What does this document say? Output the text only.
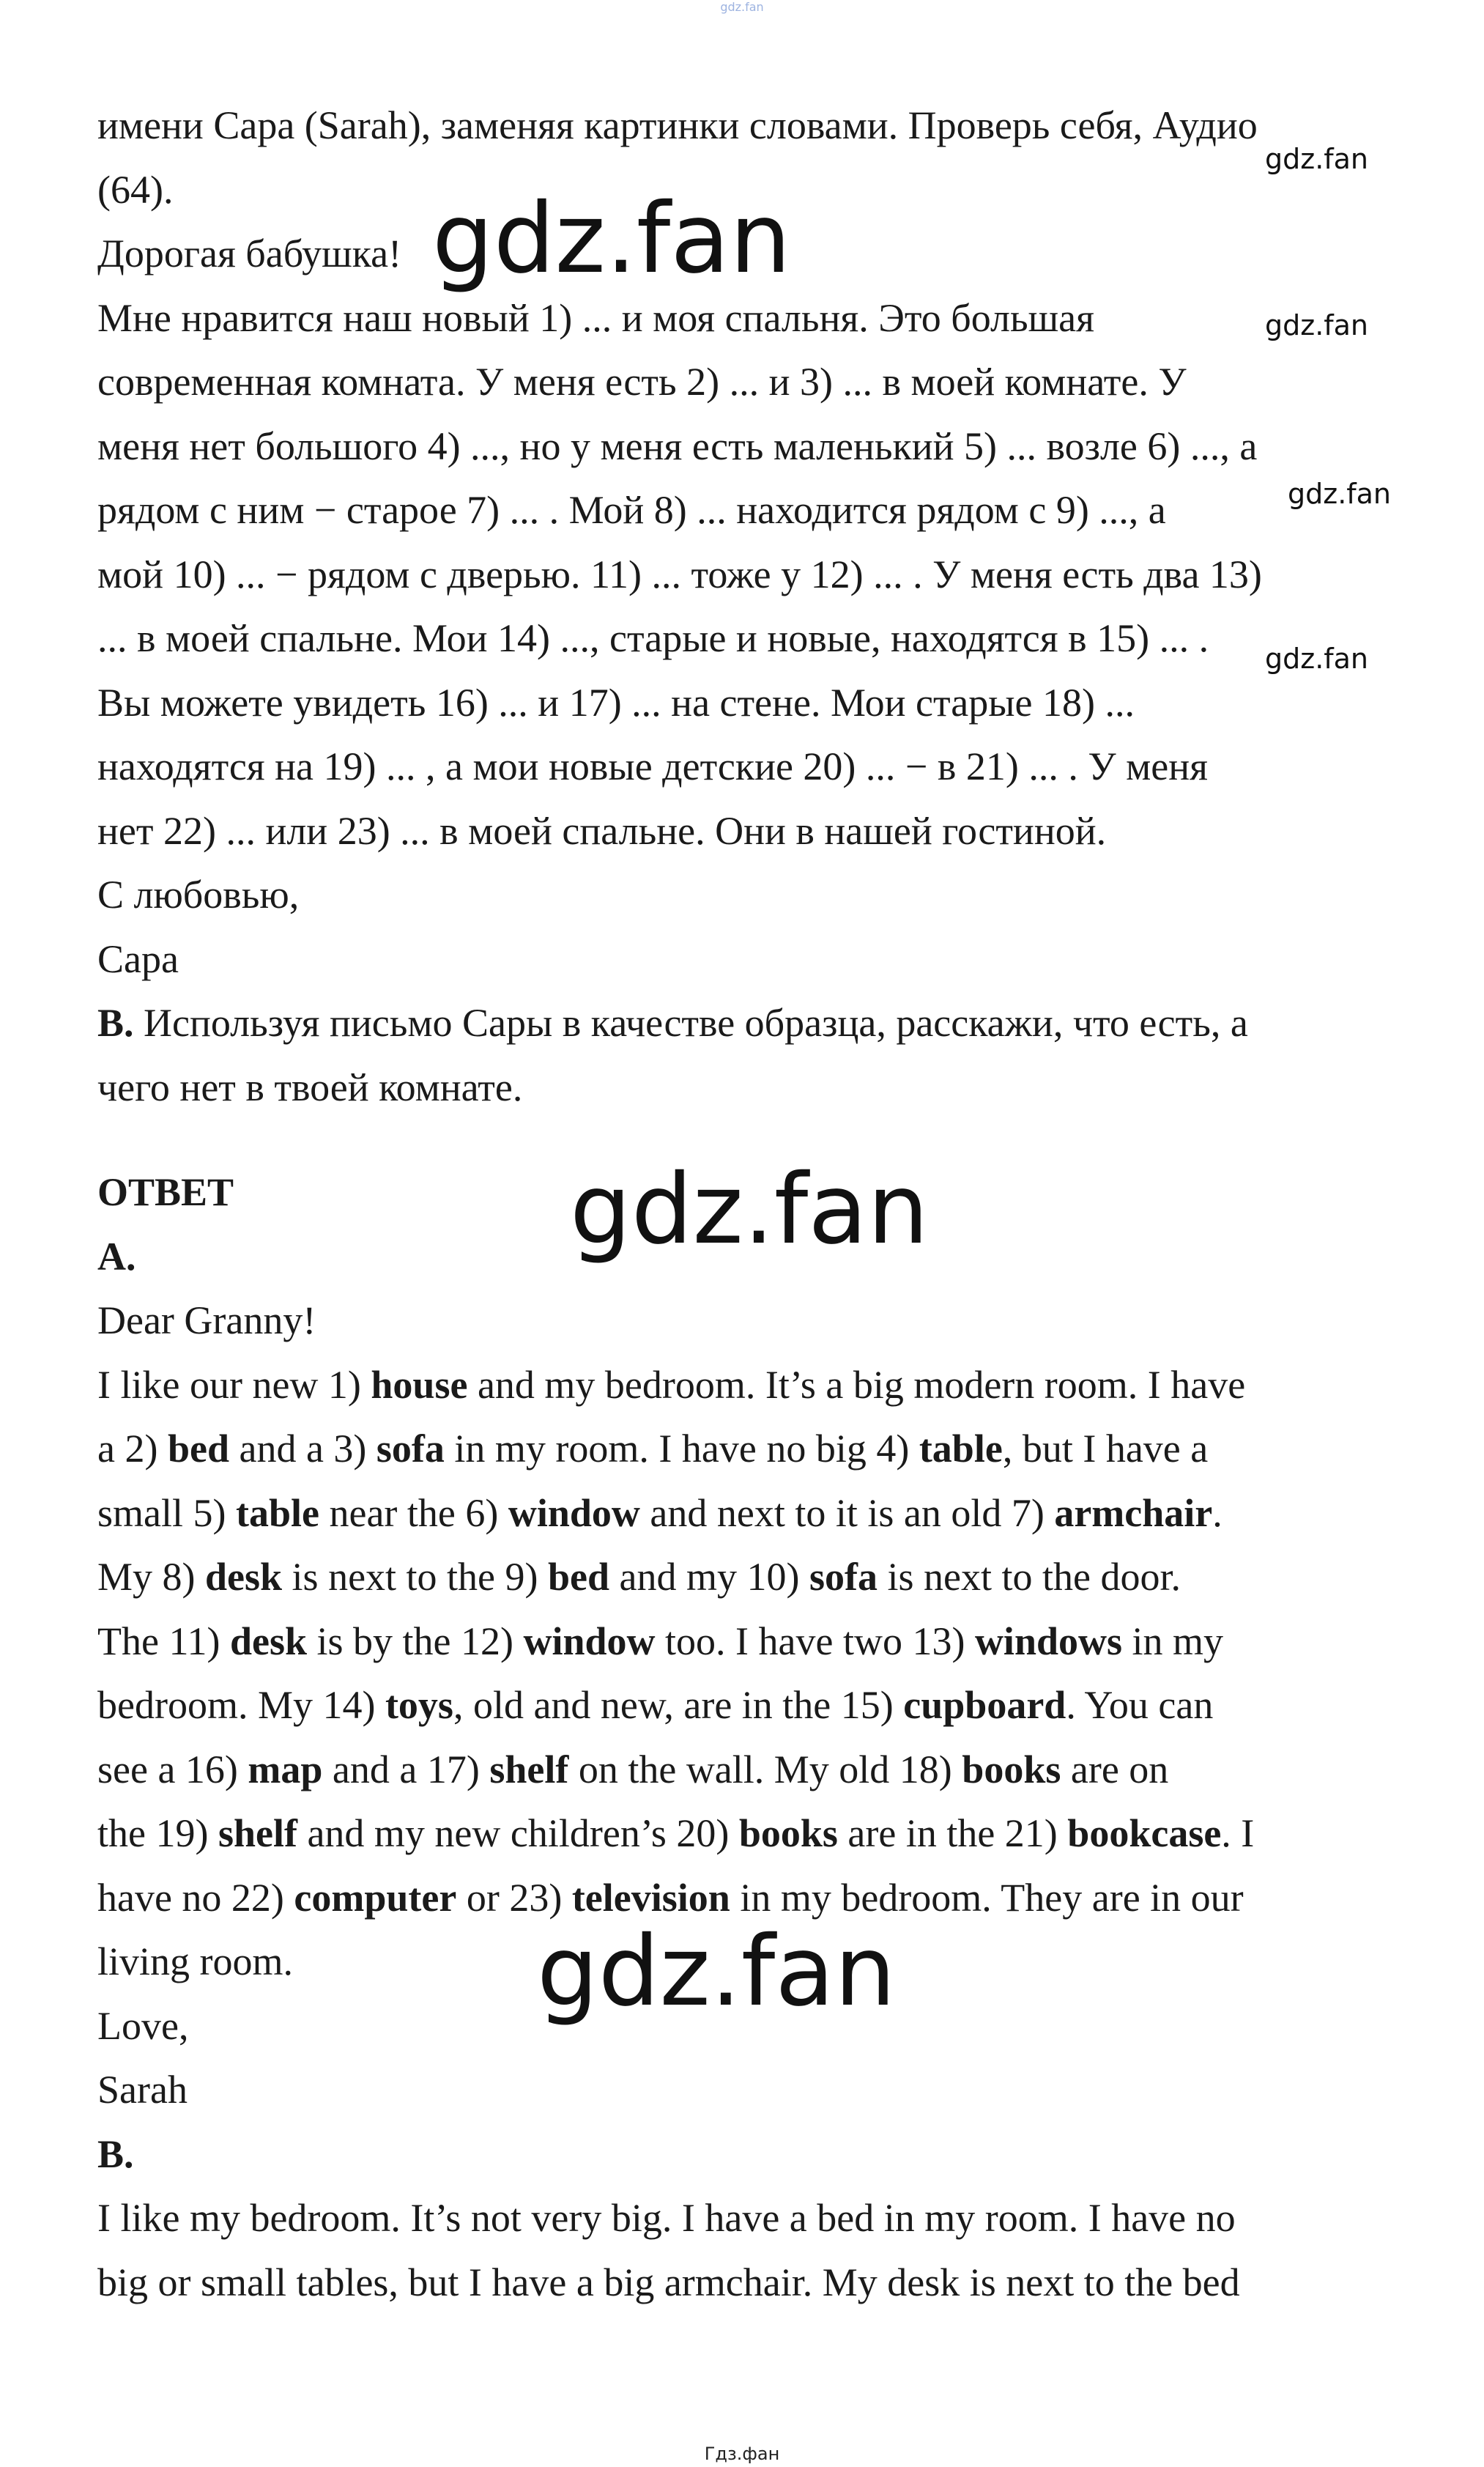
gdz.fan
имени Сара (Sarah), заменяя картинки словами. Проверь себя, Аудио
(64).
Дорогая бабушка!
Мне нравится наш новый 1) ... и моя спальня. Это большая
современная комната. У меня есть 2) ... и 3) ... в моей комнате. У
меня нет большого 4) ..., но у меня есть маленький 5) ... возле 6) ..., а
рядом с ним − старое 7) ... . Мой 8) ... находится рядом с 9) ..., а
мой 10) ... − рядом с дверью. 11) ... тоже у 12) ... . У меня есть два 13)
... в моей спальне. Мои 14) ..., старые и новые, находятся в 15) ... .
Вы можете увидеть 16) ... и 17) ... на стене. Мои старые 18) ...
находятся на 19) ... , а мои новые детские 20) ... − в 21) ... . У меня
нет 22) ... или 23) ... в моей спальне. Они в нашей гостиной.
С любовью,
Сара
B. Используя письмо Сары в качестве образца, расскажи, что есть, а
чего нет в твоей комнате.
ОТВЕТ
A.
Dear Granny!
I like our new 1) house and my bedroom. It’s a big modern room. I have
a 2) bed and a 3) sofa in my room. I have no big 4) table, but I have a
small 5) table near the 6) window and next to it is an old 7) armchair.
My 8) desk is next to the 9) bed and my 10) sofa is next to the door.
The 11) desk is by the 12) window too. I have two 13) windows in my
bedroom. My 14) toys, old and new, are in the 15) cupboard. You can
see a 16) map and a 17) shelf on the wall. My old 18) books are on
the 19) shelf and my new children’s 20) books are in the 21) bookcase. I
have no 22) computer or 23) television in my bedroom. They are in our
living room.
Love,
Sarah
B.
I like my bedroom. It’s not very big. I have a bed in my room. I have no
big or small tables, but I have a big armchair. My desk is next to the bed
gdz.fan
gdz.fan
gdz.fan
gdz.fan
gdz.fan
gdz.fan
gdz.fan
Гдз.фан
